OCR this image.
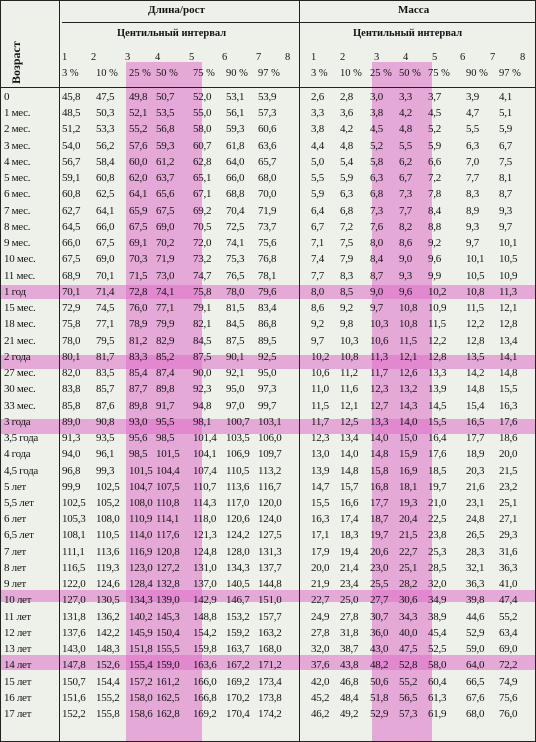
Возраст
Длина/рост	Масса
Центильный интервал	Центильный интервал
1 2	3 4	5	6	7 8 1 2	3 4 5 6 7 8
3 % 10 % 25 % 50 % 75 % 90 % 97 %	3 % 10 % 25 % 50 % 75 % 90 % 97 %
0	45,8 47,5 49,8 50,7 52,0 53,1 53,9	2,6 2,8 3,0 3,3 3,7 3,9 4,1
1 мес.	48,5 50,3 52,1 53,5 55,0 56,1 57,3	3,3 3,6 3,8 4,2 4,5 4,7 5,1
2 мес.	51,2 53,3 55,2 56,8 58,0 59,3 60,6	3,8 4,2 4,5 4,8 5,2 5,5 5,9
3 мес.	54,0 56,2 57,6 59,3 60,7 61,8 63,6	4,4 4,8 5,2 5,5 5,9 6,3 6,7
4 мес.	56,7 58,4 60,0 61,2 62,8 64,0 65,7	5,0 5,4 5,8 6,2 6,6 7,0 7,5
5 мес.	59,1 60,8 62,0 63,7 65,1 66,0 68,0	5,5 5,9 6,3 6,7 7,2 7,7 8,1
6 мес.	60,8 62,5 64,1 65,6 67,1 68,8 70,0	5,9 6,3 6,8 7,3 7,8 8,3 8,7
7 мес.	62,7 64,1 65,9 67,5 69,2 70,4 71,9	6,4 6,8 7,3 7,7 8,4 8,9 9,3
8 мес.	64,5 66,0 67,5 69,0 70,5 72,5 73,7	6,7 7,2 7,6 8,2 8,8 9,3 9,7
9 мес.	66,0 67,5 69,1 70,2 72,0 74,1 75,6	7,1 7,5 8,0 8,6 9,2 9,7 10,1
10 мес. 67,5 69,0 70,3 71,9 73,2 75,3 76,8	7,4 7,9 8,4 9,0 9,6 10,1 10,5
11 мес. 68,9 70,1 71,5 73,0 74,7 76,5 78,1	7,7 8,3 8,7 9,3 9,9 10,5 10,9
1 год	70,1 71,4 72,8 74,1 75,8 78,0 79,6	8,0 8,5 9,0 9,6 10,2 10,8 11,3
15 мес. 72,9 74,5 76,0 77,1 79,1 81,5 83,4	8,6 9,2 9,7 10,8 10,9 11,5 12,1
18 мес. 75,8 77,1 78,9 79,9 82,1 84,5 86,8	9,2 9,8 10,3 10,8 11,5 12,2 12,8
21 мес. 78,0 79,5 81,2 82,9 84,5 87,5 89,5	9,7 10,3 10,6 11,5 12,2 12,8 13,4
2 года	80,1 81,7 83,3 85,2 87,5 90,1 92,5	10,2 10,8 11,3 12,1 12,8 13,5 14,1
27 мес. 82,0 83,5 85,4 87,4 90,0 92,1 95,0	10,6 11,2 11,7 12,6 13,3 14,2 14,8
30 мес. 83,8 85,7 87,7 89,8 92,3 95,0 97,3	11,0 11,6 12,3 13,2 13,9 14,8 15,5
33 мес. 85,8 87,6 89,8 91,7 94,8 97,0 99,7	11,5 12,1 12,7 14,3 14,5 15,4 16,3
3 года	89,0 90,8 93,0 95,5 98,1 100,7 103,1	11,7 12,5 13,3 14,0 15,5 16,5 17,6
3,5 года 91,3 93,5 95,6 98,5 101,4 103,5 106,0	12,3 13,4 14,0 15,0 16,4 17,7 18,6
4 года	94,0 96,1 98,5 101,5 104,1 106,9 109,7	13,0 14,0 14,8 15,9 17,6 18,9 20,0
4,5 года 96,8 99,3 101,5 104,4 107,4 110,5 113,2	13,9 14,8 15,8 16,9 18,5 20,3 21,5
5 лет	99,9 102,5 104,7 107,5 110,7 113,6 116,7	14,7 15,7 16,8 18,1 19,7 21,6 23,2
5,5 лет	102,5 105,2 108,0 110,8 114,3 117,0 120,0	15,5 16,6 17,7 19,3 21,0 23,1 25,1
6 лет	105,3 108,0 110,9 114,1 118,0 120,6 124,0	16,3 17,4 18,7 20,4 22,5 24,8 27,1
6,5 лет	108,1 110,5 114,0 117,6 121,3 124,2 127,5	17,1 18,3 19,7 21,5 23,8 26,5 29,3
7 лет	111,1 113,6 116,9 120,8 124,8 128,0 131,3	17,9 19,4 20,6 22,7 25,3 28,3 31,6
8 лет	116,5 119,3 123,0 127,2 131,0 134,3 137,7	20,0 21,4 23,0 25,1 28,5 32,1 36,3
9 лет	122,0 124,6 128,4 132,8 137,0 140,5 144,8	21,9 23,4 25,5 28,2 32,0 36,3 41,0
10 лет	127,0 130,5 134,3 139,0 142,9 146,7 151,0	22,7 25,0 27,7 30,6 34,9 39,8 47,4
11 лет	131,8 136,2 140,2 145,3 148,8 153,2 157,7	24,9 27,8 30,7 34,3 38,9 44,6 55,2
12 лет	137,6 142,2 145,9 150,4 154,2 159,2 163,2	27,8 31,8 36,0 40,0 45,4 52,9 63,4
13 лет	143,0 148,3 151,8 155,5 159,8 163,7 168,0	32,0 38,7 43,0 47,5 52,5 59,0 69,0
14 лет	147,8 152,6 155,4 159,0 163,6 167,2 171,2	37,6 43,8 48,2 52,8 58,0 64,0 72,2
15 лет	150,7 154,4 157,2 161,2 166,0 169,2 173,4	42,0 46,8 50,6 55,2 60,4 66,5 74,9
16 лет	151,6 155,2 158,0 162,5 166,8 170,2 173,8	45,2 48,4 51,8 56,5 61,3 67,6 75,6
17 лет	152,2 155,8 158,6 162,8 169,2 170,4 174,2	46,2 49,2 52,9 57,3 61,9 68,0 76,0
